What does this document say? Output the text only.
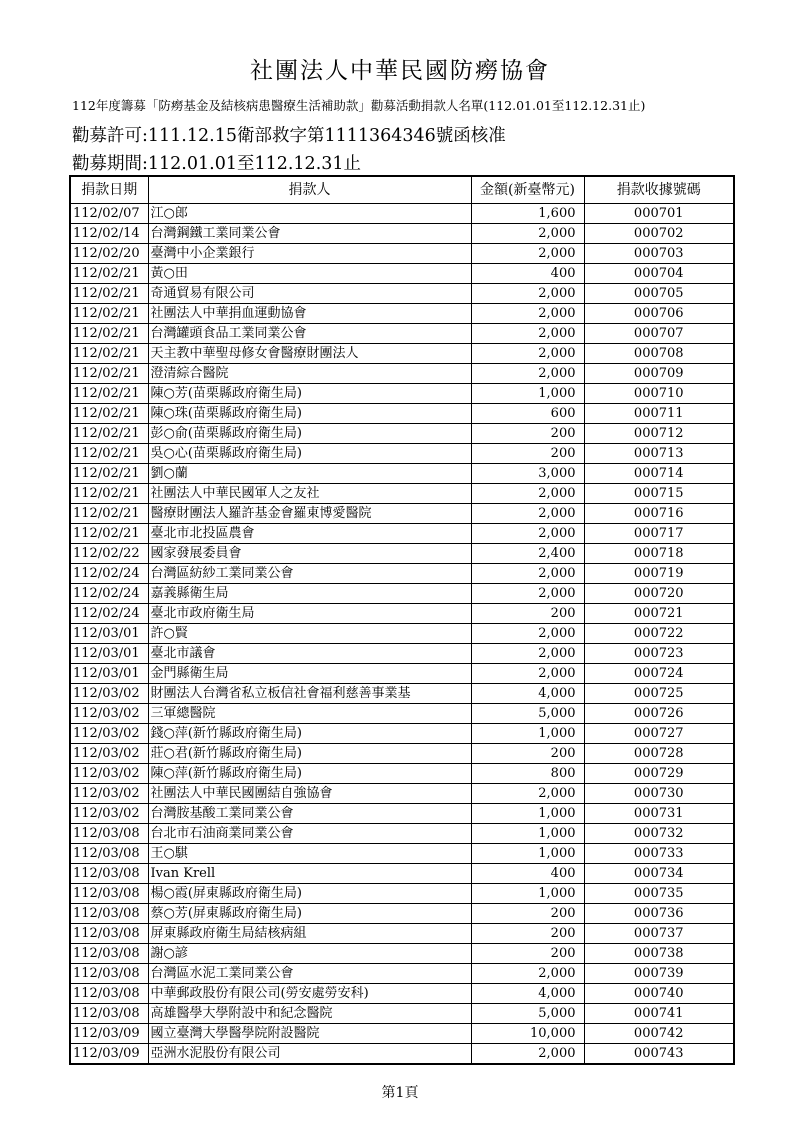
社團法人中華民國防癆協會
112年度籌募「防癆基金及結核病患醫療生活補助款」勸募活動捐款人名單(112.01.01至112.12.31止)
勸募許可:111.12.15衛部救字第1111364346號函核准
勸募期間:112.01.01至112.12.31止
捐款日期	捐款人	金額(新臺幣元)	捐款收據號碼
112/02/07	江○郎	1,600	000701
112/02/14	台灣鋼鐵工業同業公會	2,000	000702
112/02/20	臺灣中小企業銀行	2,000	000703
112/02/21	黃○田	400	000704
112/02/21	奇通貿易有限公司	2,000	000705
112/02/21	社團法人中華捐血運動協會	2,000	000706
112/02/21	台灣罐頭食品工業同業公會	2,000	000707
112/02/21	天主教中華聖母修女會醫療財團法人	2,000	000708
112/02/21	澄清綜合醫院	2,000	000709
112/02/21	陳○芳(苗栗縣政府衛生局)	1,000	000710
112/02/21	陳○珠(苗栗縣政府衛生局)	600	000711
112/02/21	彭○俞(苗栗縣政府衛生局)	200	000712
112/02/21	吳○心(苗栗縣政府衛生局)	200	000713
112/02/21	劉○蘭	3,000	000714
112/02/21	社團法人中華民國軍人之友社	2,000	000715
112/02/21	醫療財團法人羅許基金會羅東博愛醫院	2,000	000716
112/02/21	臺北市北投區農會	2,000	000717
112/02/22	國家發展委員會	2,400	000718
112/02/24	台灣區紡紗工業同業公會	2,000	000719
112/02/24	嘉義縣衛生局	2,000	000720
112/02/24	臺北市政府衛生局	200	000721
112/03/01	許○賢	2,000	000722
112/03/01	臺北市議會	2,000	000723
112/03/01	金門縣衛生局	2,000	000724
112/03/02	財團法人台灣省私立板信社會福利慈善事業基	4,000	000725
112/03/02	三軍總醫院	5,000	000726
112/03/02	錢○萍(新竹縣政府衛生局)	1,000	000727
112/03/02	莊○君(新竹縣政府衛生局)	200	000728
112/03/02	陳○萍(新竹縣政府衛生局)	800	000729
112/03/02	社團法人中華民國團結自強協會	2,000	000730
112/03/02	台灣胺基酸工業同業公會	1,000	000731
112/03/08	台北市石油商業同業公會	1,000	000732
112/03/08	王○騏	1,000	000733
112/03/08	Ivan Krell	400	000734
112/03/08	楊○霞(屏東縣政府衛生局)	1,000	000735
112/03/08	蔡○芳(屏東縣政府衛生局)	200	000736
112/03/08	屏東縣政府衛生局結核病組	200	000737
112/03/08	謝○諺	200	000738
112/03/08	台灣區水泥工業同業公會	2,000	000739
112/03/08	中華郵政股份有限公司(勞安處勞安科)	4,000	000740
112/03/08	高雄醫學大學附設中和紀念醫院	5,000	000741
112/03/09	國立臺灣大學醫學院附設醫院	10,000	000742
112/03/09	亞洲水泥股份有限公司	2,000	000743
第1頁
